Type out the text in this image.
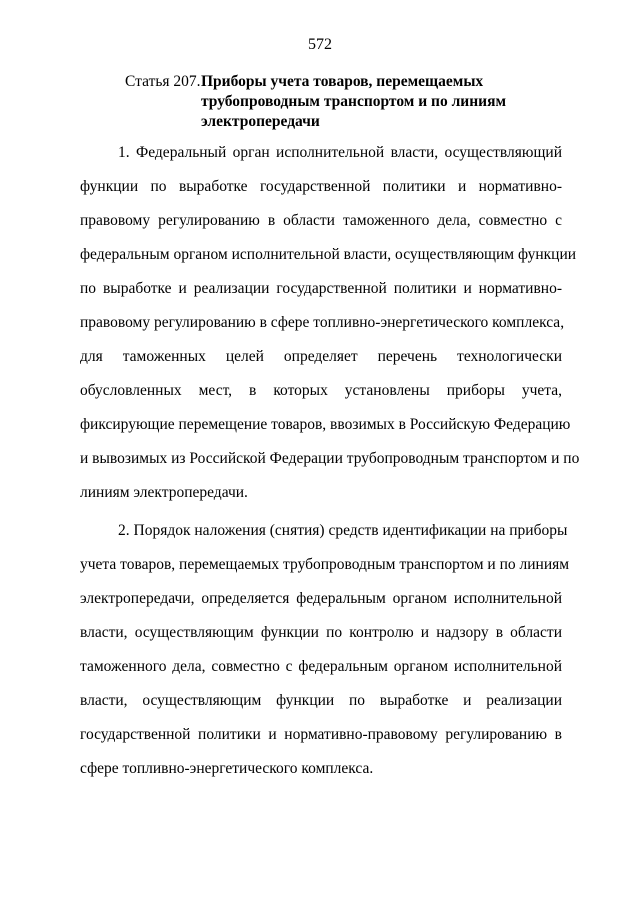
572
Статья 207. Приборы учета товаров, перемещаемых трубопроводным транспортом и по линиям электропередачи
1. Федеральный орган исполнительной власти, осуществляющий
функции по выработке государственной политики и нормативно-
правовому регулированию в области таможенного дела, совместно с
федеральным органом исполнительной власти, осуществляющим функции
по выработке и реализации государственной политики и нормативно-
правовому регулированию в сфере топливно-энергетического комплекса,
для таможенных целей определяет перечень технологически
обусловленных мест, в которых установлены приборы учета,
фиксирующие перемещение товаров, ввозимых в Российскую Федерацию
и вывозимых из Российской Федерации трубопроводным транспортом и по
линиям электропередачи.
2. Порядок наложения (снятия) средств идентификации на приборы
учета товаров, перемещаемых трубопроводным транспортом и по линиям
электропередачи, определяется федеральным органом исполнительной
власти, осуществляющим функции по контролю и надзору в области
таможенного дела, совместно с федеральным органом исполнительной
власти, осуществляющим функции по выработке и реализации
государственной политики и нормативно-правовому регулированию в
сфере топливно-энергетического комплекса.
